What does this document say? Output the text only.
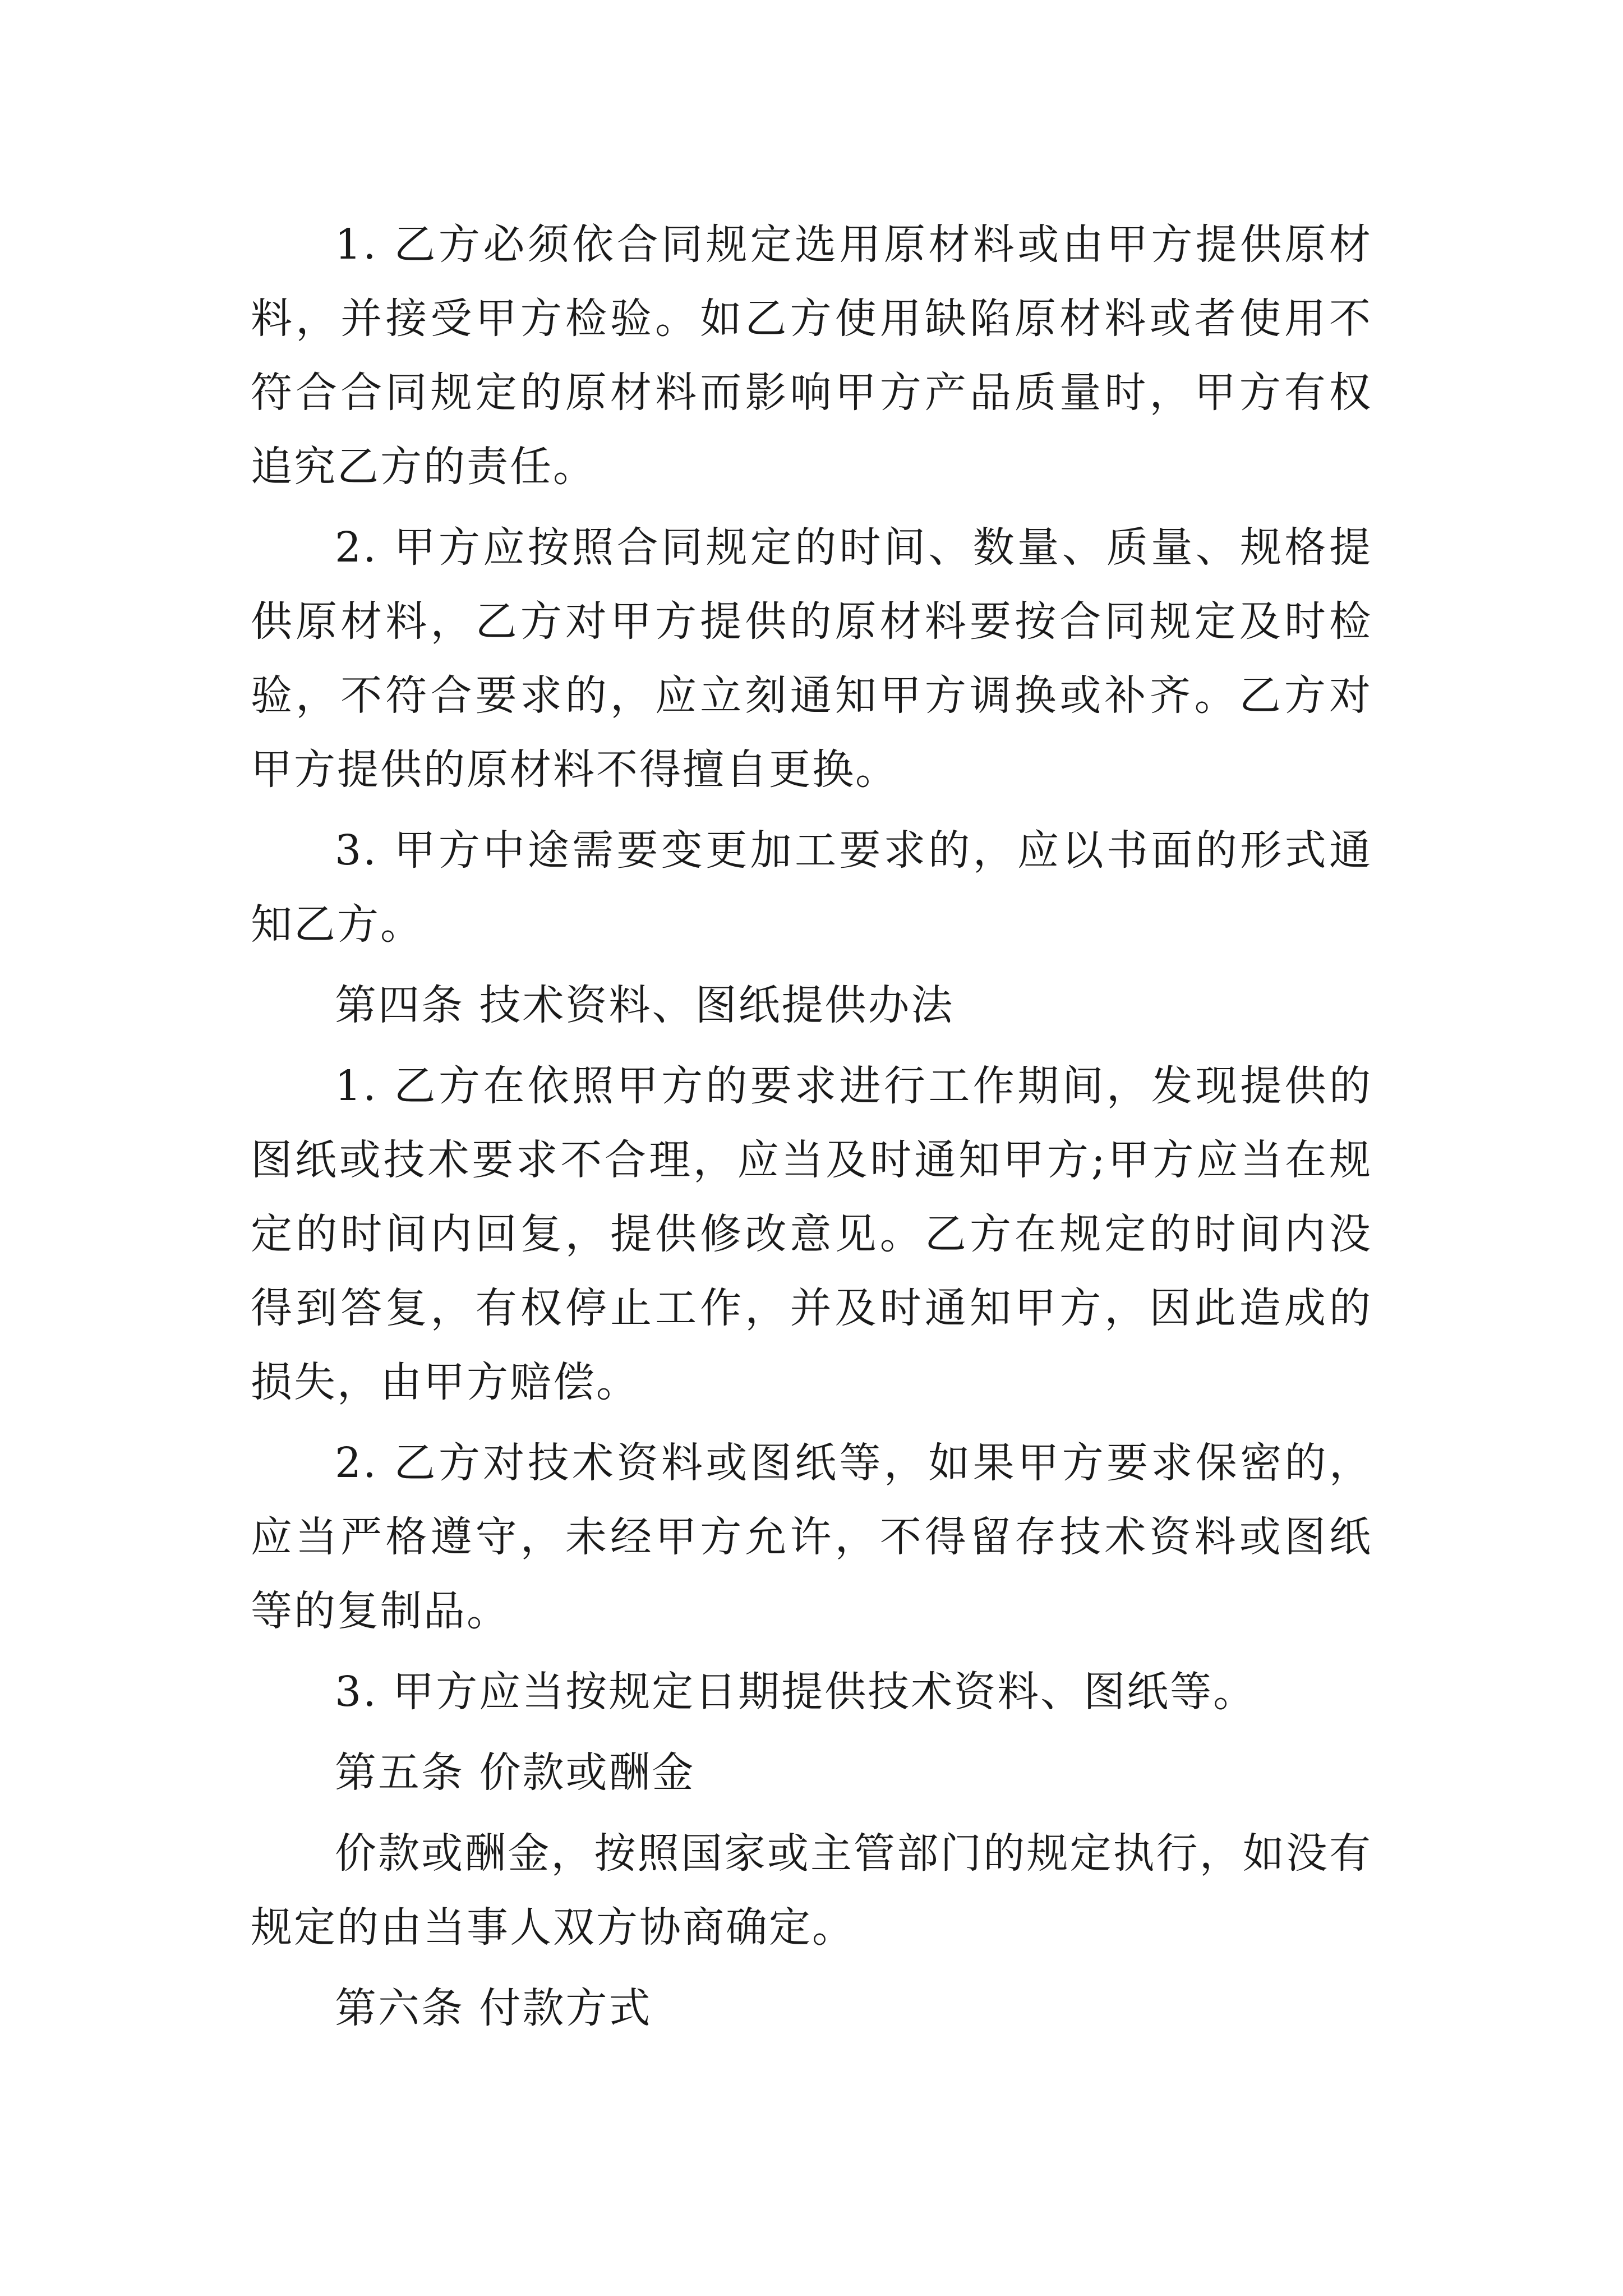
1. 乙方必须依合同规定选用原材料或由甲方提供原材料，并接受甲方检验。如乙方使用缺陷原材料或者使用不符合合同规定的原材料而影响甲方产品质量时，甲方有权追究乙方的责任。

2. 甲方应按照合同规定的时间、数量、质量、规格提供原材料，乙方对甲方提供的原材料要按合同规定及时检验，不符合要求的，应立刻通知甲方调换或补齐。乙方对甲方提供的原材料不得擅自更换。

3. 甲方中途需要变更加工要求的，应以书面的形式通知乙方。

第四条 技术资料、图纸提供办法

1. 乙方在依照甲方的要求进行工作期间，发现提供的图纸或技术要求不合理，应当及时通知甲方;甲方应当在规定的时间内回复，提供修改意见。乙方在规定的时间内没得到答复，有权停止工作，并及时通知甲方，因此造成的损失，由甲方赔偿。

2. 乙方对技术资料或图纸等，如果甲方要求保密的，应当严格遵守，未经甲方允许，不得留存技术资料或图纸等的复制品。

3. 甲方应当按规定日期提供技术资料、图纸等。

第五条 价款或酬金

价款或酬金，按照国家或主管部门的规定执行，如没有规定的由当事人双方协商确定。

第六条 付款方式
